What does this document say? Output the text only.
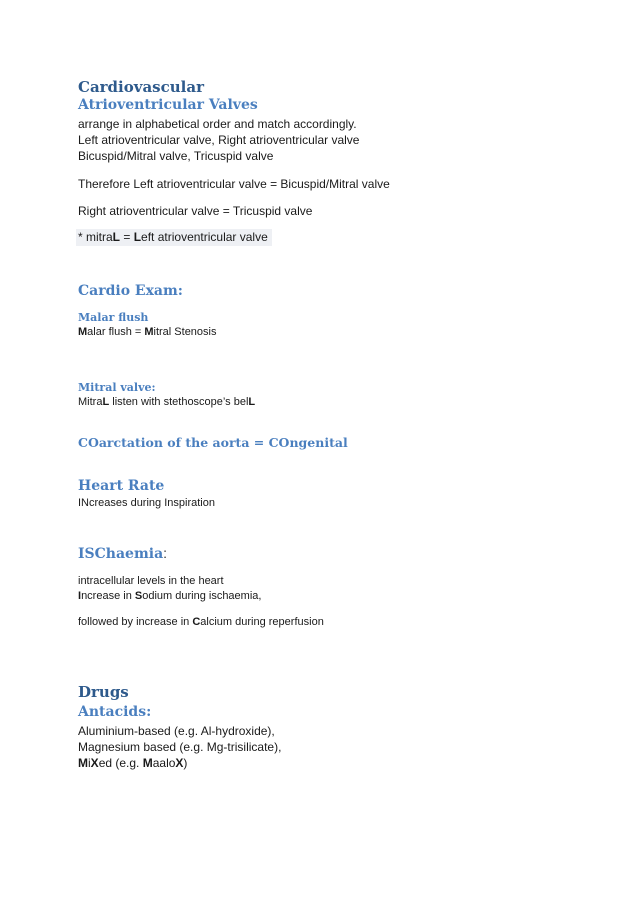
Cardiovascular
Atrioventricular Valves
arrange in alphabetical order and match accordingly.
Left atrioventricular valve, Right atrioventricular valve
Bicuspid/Mitral valve, Tricuspid valve
Therefore Left atrioventricular valve = Bicuspid/Mitral valve
Right atrioventricular valve = Tricuspid valve
* mitraL = Left atrioventricular valve
Cardio Exam:
Malar flush
Malar flush = Mitral Stenosis
Mitral valve:
MitraL listen with stethoscope’s belL
COarctation of the aorta = COngenital
Heart Rate
INcreases during Inspiration
ISChaemia:
intracellular levels in the heart
Increase in Sodium during ischaemia,
followed by increase in Calcium during reperfusion
Drugs
Antacids:
Aluminium-based (e.g. Al-hydroxide),
Magnesium based (e.g. Mg-trisilicate),
MiXed (e.g. MaaloX)
